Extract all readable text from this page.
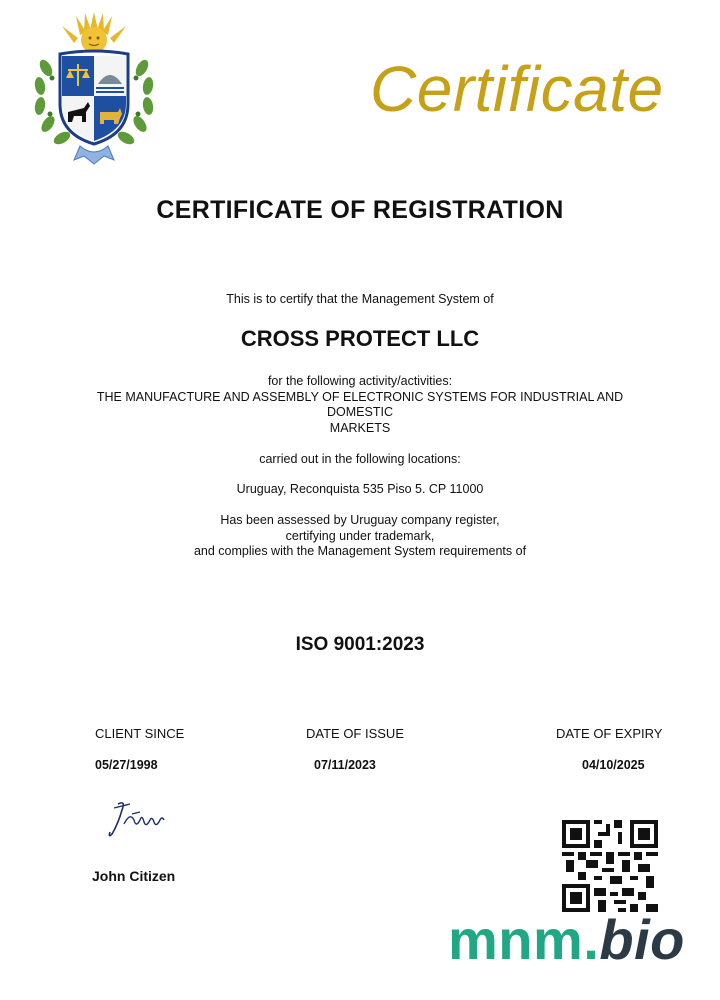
Certificate
CERTIFICATE OF REGISTRATION
This is to certify that the Management System of
CROSS PROTECT LLC
for the following activity/activities:
THE MANUFACTURE AND ASSEMBLY OF ELECTRONIC SYSTEMS FOR INDUSTRIAL AND
DOMESTIC
MARKETS
carried out in the following locations:
Uruguay, Reconquista 535 Piso 5. CP 11000
Has been assessed by Uruguay company register,
certifying under trademark,
and complies with the Management System requirements of
ISO 9001:2023
CLIENT SINCE	DATE OF ISSUE	DATE OF EXPIRY
05/27/1998	07/11/2023	04/10/2025
John Citizen
mnm.bio
